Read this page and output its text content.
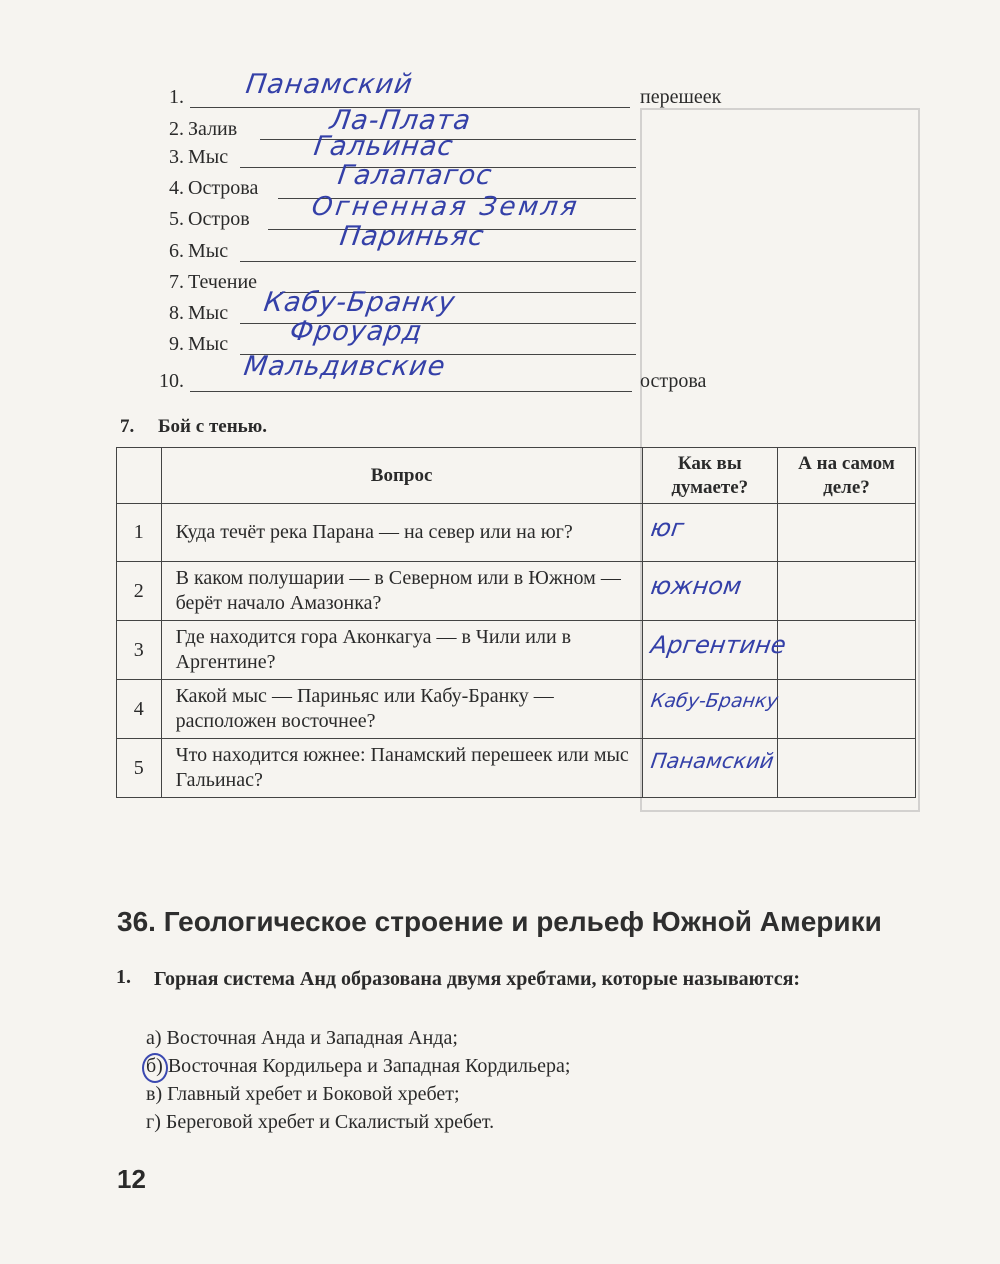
1. Панамский	перешеек
2. Залив	Ла-Плата
3. Мыс	Гальинас
4. Острова	Галапагос
5. Остров Огненная Земля
6. Мыс	Париньяс
7. Течение
8. Мыс Кабу-Бранку
9. Мыс Фроуард
10. Мальдивские	острова
7. Бой с тенью.
	Вопрос	Как вы думаете?	А на самом деле?
1	Куда течёт река Парана — на север или на юг?	юг	

2	В каком полушарии — в Северном или в Южном — берёт начало Амазонка?	южном	

3	Где находится гора Аконкагуа — в Чили или в Аргентине?	Аргентине	

4	Какой мыс — Париньяс или Кабу-Бранку — расположен восточнее?	Кабу-Бранку	

5	Что находится южнее: Панамский перешеек или мыс Гальинас?	Панамский	

36. Геологическое строение и рельеф Южной Америки
1. Горная система Анд образована двумя хребтами, которые называются:
а) Восточная Анда и Западная Анда;
б) Восточная Кордильера и Западная Кордильера;
в) Главный хребет и Боковой хребет;
г) Береговой хребет и Скалистый хребет.
12
